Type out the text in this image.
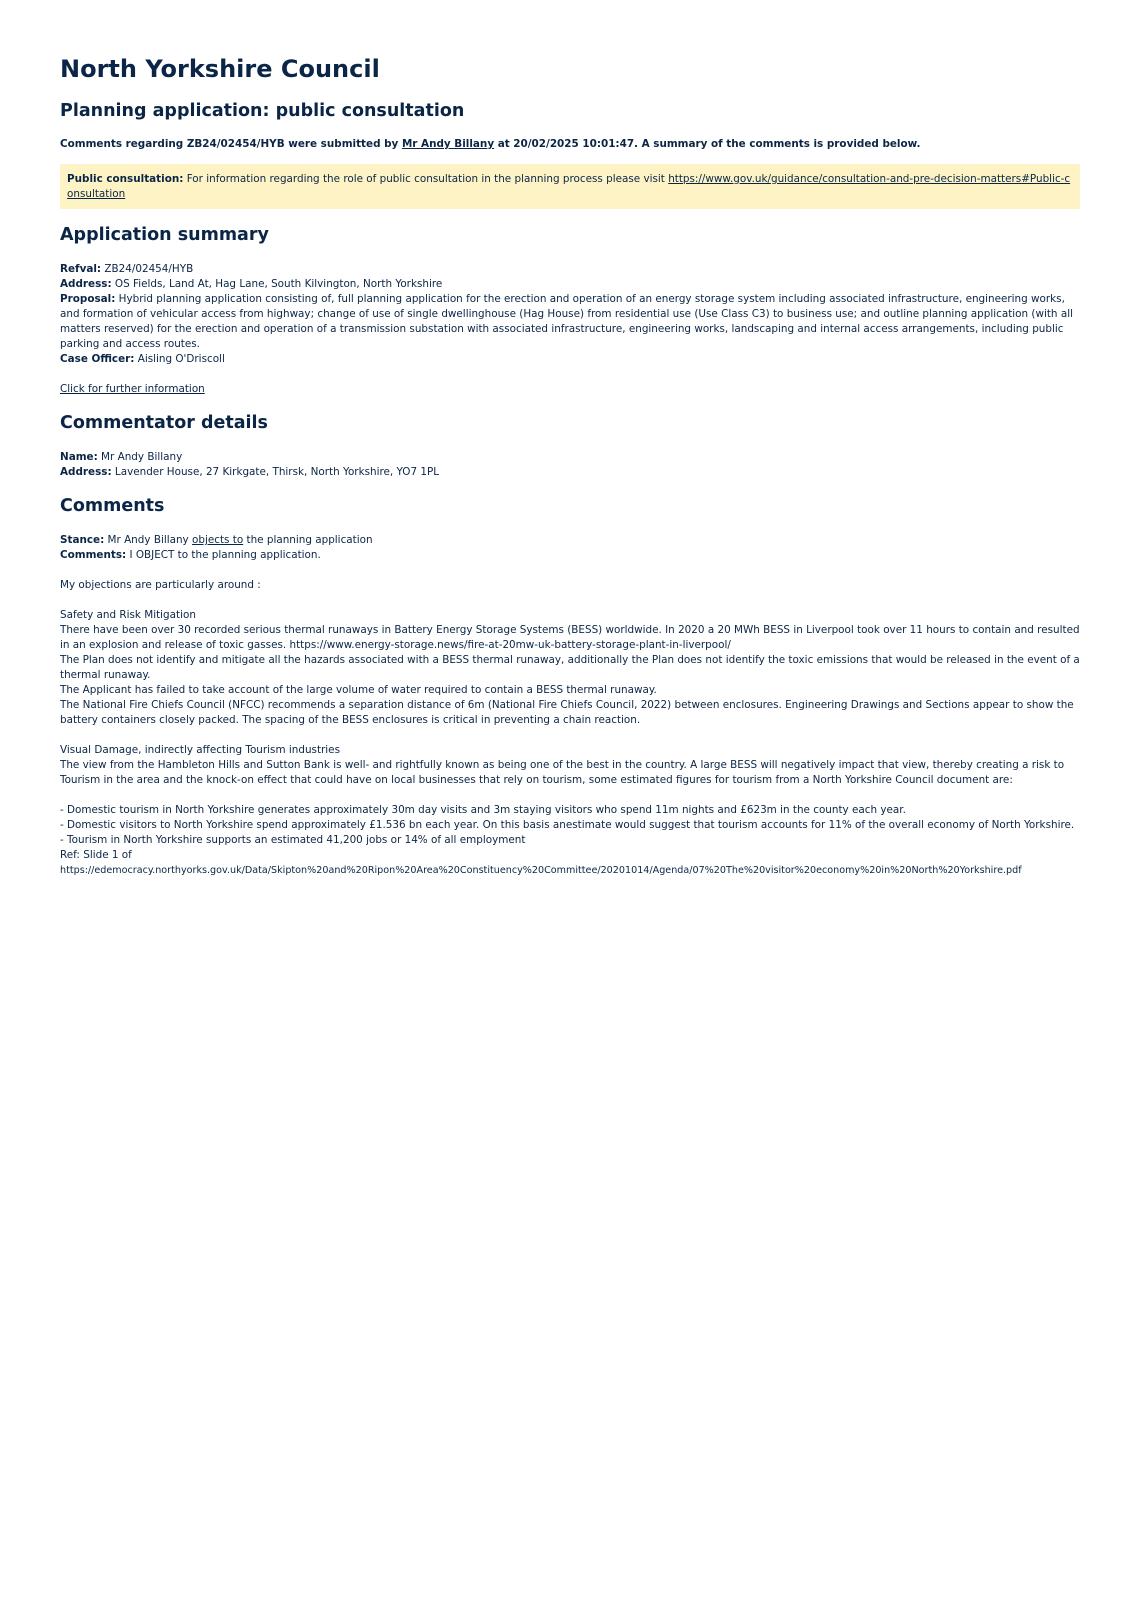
North Yorkshire Council
Planning application: public consultation

Comments regarding ZB24/02454/HYB were submitted by Mr Andy Billany at 20/02/2025 10:01:47. A summary of the comments is provided below.

Public consultation: For information regarding the role of public consultation in the planning process please visit https://www.gov.uk/guidance/consultation-and-pre-decision-matters#Public-consultation

Application summary

Refval: ZB24/02454/HYB

Address: OS Fields, Land At, Hag Lane, South Kilvington, North Yorkshire

Proposal: Hybrid planning application consisting of, full planning application for the erection and operation of an energy storage system including associated infrastructure, engineering works, and formation of vehicular access from highway; change of use of single dwellinghouse (Hag House) from residential use (Use Class C3) to business use; and outline planning application (with all matters reserved) for the erection and operation of a transmission substation with associated infrastructure, engineering works, landscaping and internal access arrangements, including public parking and access routes.

Case Officer: Aisling O'Driscoll

Click for further information

Commentator details

Name: Mr Andy Billany

Address: Lavender House, 27 Kirkgate, Thirsk, North Yorkshire, YO7 1PL

Comments

Stance: Mr Andy Billany objects to the planning application

Comments: I OBJECT to the planning application.

My objections are particularly around :

Safety and Risk Mitigation

There have been over 30 recorded serious thermal runaways in Battery Energy Storage Systems (BESS) worldwide. In 2020 a 20 MWh BESS in Liverpool took over 11 hours to contain and resulted in an explosion and release of toxic gasses. https://www.energy-storage.news/fire-at-20mw-uk-battery-storage-plant-in-liverpool/

The Plan does not identify and mitigate all the hazards associated with a BESS thermal runaway, additionally the Plan does not identify the toxic emissions that would be released in the event of a thermal runaway.

The Applicant has failed to take account of the large volume of water required to contain a BESS thermal runaway.

The National Fire Chiefs Council (NFCC) recommends a separation distance of 6m (National Fire Chiefs Council, 2022) between enclosures. Engineering Drawings and Sections appear to show the battery containers closely packed. The spacing of the BESS enclosures is critical in preventing a chain reaction.

Visual Damage, indirectly affecting Tourism industries

The view from the Hambleton Hills and Sutton Bank is well- and rightfully known as being one of the best in the country. A large BESS will negatively impact that view, thereby creating a risk to Tourism in the area and the knock-on effect that could have on local businesses that rely on tourism, some estimated figures for tourism from a North Yorkshire Council document are:

- Domestic tourism in North Yorkshire generates approximately 30m day visits and 3m staying visitors who spend 11m nights and £623m in the county each year.

- Domestic visitors to North Yorkshire spend approximately £1.536 bn each year. On this basis anestimate would suggest that tourism accounts for 11% of the overall economy of North Yorkshire.

- Tourism in North Yorkshire supports an estimated 41,200 jobs or 14% of all employment

Ref: Slide 1 of

https://edemocracy.northyorks.gov.uk/Data/Skipton%20and%20Ripon%20Area%20Constituency%20Committee/20201014/Agenda/07%20The%20visitor%20economy%20in%20North%20Yorkshire.pdf
